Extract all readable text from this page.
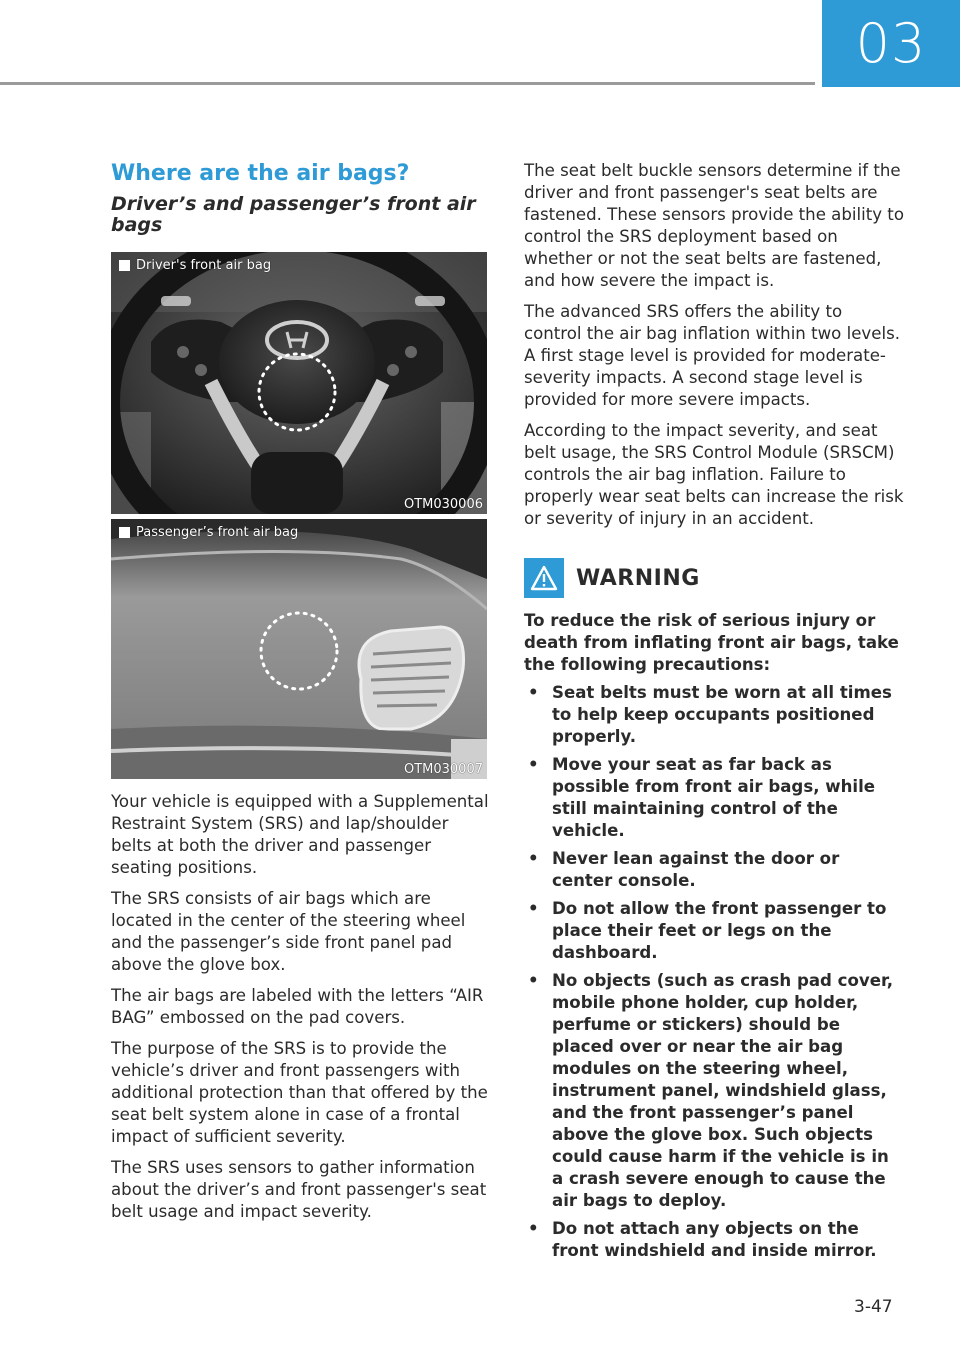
03
Where are the air bags?
Driver’s and passenger’s front air bags
Driver's front air bag
OTM030006
Passenger’s front air bag
OTM030007

Your vehicle is equipped with a Supplemental Restraint System (SRS) and lap/shoulder belts at both the driver and passenger seating positions.

The SRS consists of air bags which are located in the center of the steering wheel and the passenger’s side front panel pad above the glove box.

The air bags are labeled with the letters “AIR BAG” embossed on the pad covers.

The purpose of the SRS is to provide the vehicle’s driver and front passengers with additional protection than that offered by the seat belt system alone in case of a frontal impact of sufficient severity.

The SRS uses sensors to gather information about the driver’s and front passenger's seat belt usage and impact severity.

The seat belt buckle sensors determine if the driver and front passenger's seat belts are fastened. These sensors provide the ability to control the SRS deployment based on whether or not the seat belts are fastened, and how severe the impact is.

The advanced SRS offers the ability to control the air bag inflation within two levels. A first stage level is provided for moderate-severity impacts. A second stage level is provided for more severe impacts.

According to the impact severity, and seat belt usage, the SRS Control Module (SRSCM) controls the air bag inflation. Failure to properly wear seat belts can increase the risk or severity of injury in an accident.

WARNING

To reduce the risk of serious injury or death from inflating front air bags, take the following precautions:

• Seat belts must be worn at all times to help keep occupants positioned properly.
• Move your seat as far back as possible from front air bags, while still maintaining control of the vehicle.
• Never lean against the door or center console.
• Do not allow the front passenger to place their feet or legs on the dashboard.
• No objects (such as crash pad cover, mobile phone holder, cup holder, perfume or stickers) should be placed over or near the air bag modules on the steering wheel, instrument panel, windshield glass, and the front passenger’s panel above the glove box. Such objects could cause harm if the vehicle is in a crash severe enough to cause the air bags to deploy.
• Do not attach any objects on the front windshield and inside mirror.
3-47
